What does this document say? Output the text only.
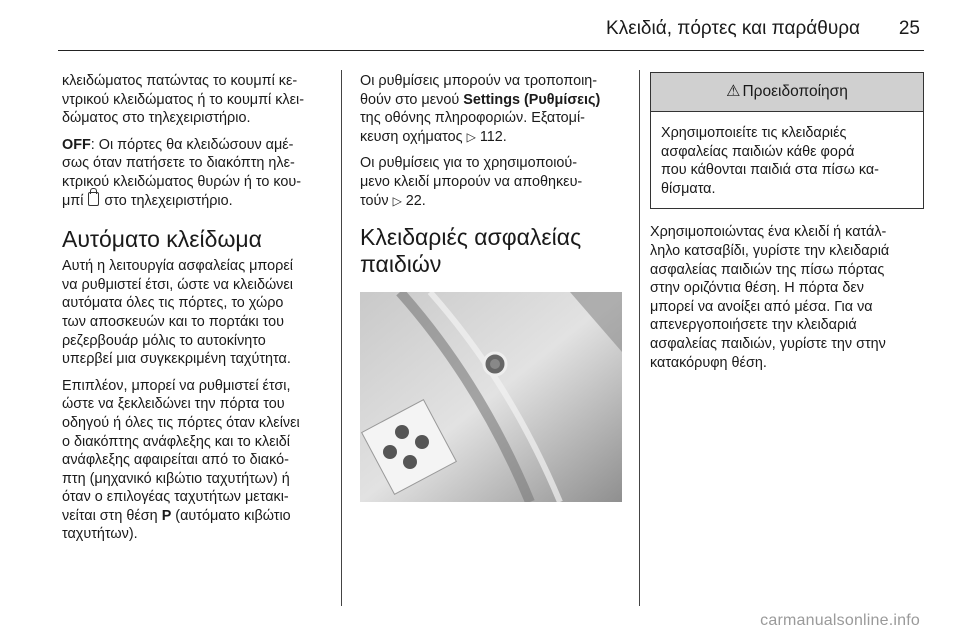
Κλειδιά, πόρτες και παράθυρα	25

κλειδώματος πατώντας το κουμπί κε-
ντρικού κλειδώματος ή το κουμπί κλει-
δώματος στο τηλεχειριστήριο.

OFF: Οι πόρτες θα κλειδώσουν αμέ-
σως όταν πατήσετε το διακόπτη ηλε-
κτρικού κλειδώματος θυρών ή το κου-
μπί  στο τηλεχειριστήριο.

Αυτόματο κλείδωμα

Αυτή η λειτουργία ασφαλείας μπορεί
να ρυθμιστεί έτσι, ώστε να κλειδώνει
αυτόματα όλες τις πόρτες, το χώρο
των αποσκευών και το πορτάκι του
ρεζερβουάρ μόλις το αυτοκίνητο
υπερβεί μια συγκεκριμένη ταχύτητα.

Επιπλέον, μπορεί να ρυθμιστεί έτσι,
ώστε να ξεκλειδώνει την πόρτα του
οδηγού ή όλες τις πόρτες όταν κλείνει
ο διακόπτης ανάφλεξης και το κλειδί
ανάφλεξης αφαιρείται από το διακό-
πτη (μηχανικό κιβώτιο ταχυτήτων) ή
όταν ο επιλογέας ταχυτήτων μετακι-
νείται στη θέση P (αυτόματο κιβώτιο
ταχυτήτων).

Οι ρυθμίσεις μπορούν να τροποποιη-
θούν στο μενού Settings (Ρυθμίσεις)
της οθόνης πληροφοριών. Εξατομί-
κευση οχήματος ▷ 112.

Οι ρυθμίσεις για το χρησιμοποιού-
μενο κλειδί μπορούν να αποθηκευ-
τούν ▷ 22.

Κλειδαριές ασφαλείας
παιδιών
⚠ Προειδοποίηση
Χρησιμοποιείτε τις κλειδαριές
ασφαλείας παιδιών κάθε φορά
που κάθονται παιδιά στα πίσω κα-
θίσματα.

Χρησιμοποιώντας ένα κλειδί ή κατάλ-
ληλο κατσαβίδι, γυρίστε την κλειδαριά
ασφαλείας παιδιών της πίσω πόρτας
στην οριζόντια θέση. Η πόρτα δεν
μπορεί να ανοίξει από μέσα. Για να
απενεργοποιήσετε την κλειδαριά
ασφαλείας παιδιών, γυρίστε την στην
κατακόρυφη θέση.

carmanualsonline.info
